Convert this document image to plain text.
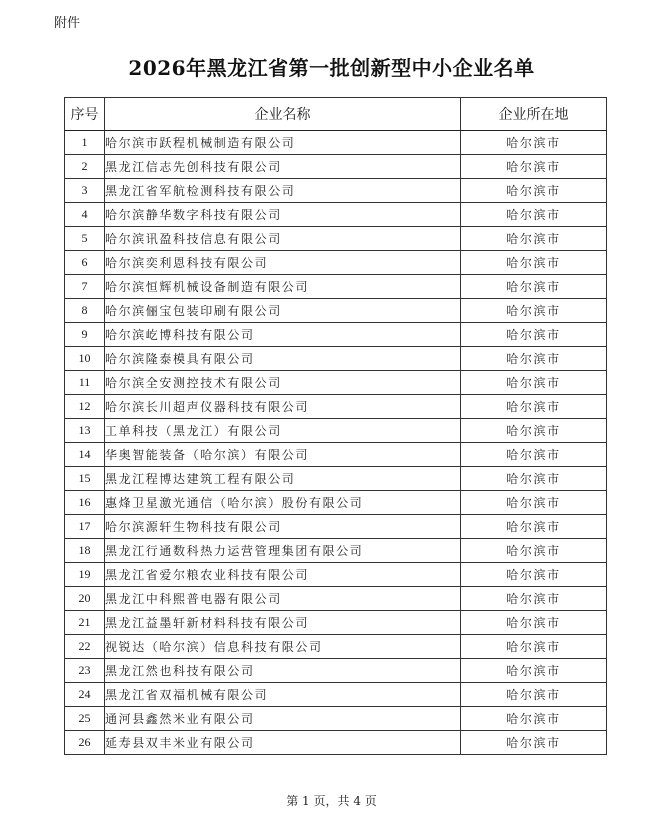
附件
2026年黑龙江省第一批创新型中小企业名单
序号	企业名称	企业所在地
1	哈尔滨市跃程机械制造有限公司	哈尔滨市
2	黑龙江信志先创科技有限公司	哈尔滨市
3	黑龙江省军航检测科技有限公司	哈尔滨市
4	哈尔滨静华数字科技有限公司	哈尔滨市
5	哈尔滨讯盈科技信息有限公司	哈尔滨市
6	哈尔滨奕利恩科技有限公司	哈尔滨市
7	哈尔滨恒辉机械设备制造有限公司	哈尔滨市
8	哈尔滨俪宝包装印刷有限公司	哈尔滨市
9	哈尔滨屹博科技有限公司	哈尔滨市
10	哈尔滨隆泰模具有限公司	哈尔滨市
11	哈尔滨全安测控技术有限公司	哈尔滨市
12	哈尔滨长川超声仪器科技有限公司	哈尔滨市
13	工单科技（黑龙江）有限公司	哈尔滨市
14	华奥智能装备（哈尔滨）有限公司	哈尔滨市
15	黑龙江程博达建筑工程有限公司	哈尔滨市
16	惠烽卫星激光通信（哈尔滨）股份有限公司	哈尔滨市
17	哈尔滨源轩生物科技有限公司	哈尔滨市
18	黑龙江行通数科热力运营管理集团有限公司	哈尔滨市
19	黑龙江省爱尔粮农业科技有限公司	哈尔滨市
20	黑龙江中科熙普电器有限公司	哈尔滨市
21	黑龙江益墨轩新材料科技有限公司	哈尔滨市
22	视锐达（哈尔滨）信息科技有限公司	哈尔滨市
23	黑龙江然也科技有限公司	哈尔滨市
24	黑龙江省双福机械有限公司	哈尔滨市
25	通河县鑫然米业有限公司	哈尔滨市
26	延寿县双丰米业有限公司	哈尔滨市
第 1 页，共 4 页
